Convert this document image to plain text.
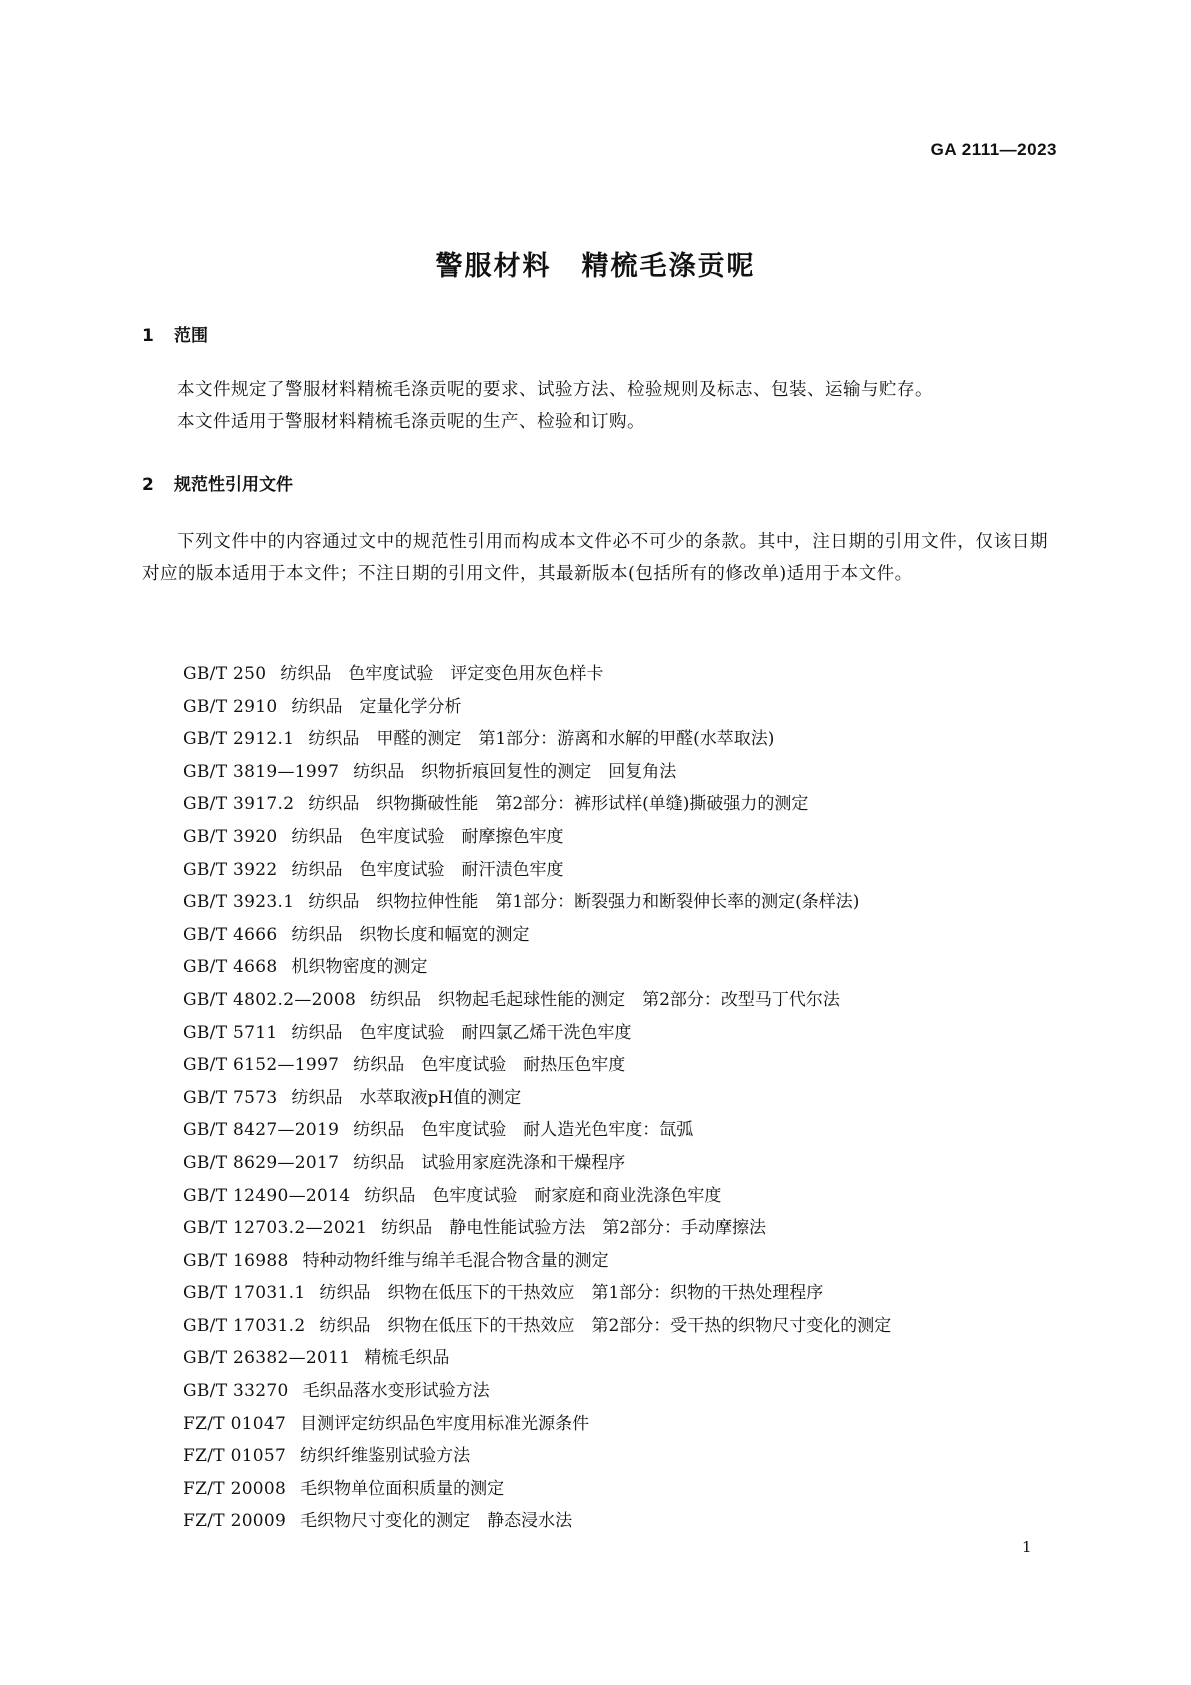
GA 2111—2023
警服材料 精梳毛涤贡呢
1 范围
本文件规定了警服材料精梳毛涤贡呢的要求、试验方法、检验规则及标志、包装、运输与贮存。
本文件适用于警服材料精梳毛涤贡呢的生产、检验和订购。
2 规范性引用文件
下列文件中的内容通过文中的规范性引用而构成本文件必不可少的条款。其中，注日期的引用文件，仅该日期对应的版本适用于本文件；不注日期的引用文件，其最新版本(包括所有的修改单)适用于本文件。
GB/T 250 纺织品　色牢度试验　评定变色用灰色样卡
GB/T 2910 纺织品　定量化学分析
GB/T 2912.1 纺织品　甲醛的测定　第1部分：游离和水解的甲醛(水萃取法)
GB/T 3819—1997 纺织品　织物折痕回复性的测定　回复角法
GB/T 3917.2 纺织品　织物撕破性能　第2部分：裤形试样(单缝)撕破强力的测定
GB/T 3920 纺织品　色牢度试验　耐摩擦色牢度
GB/T 3922 纺织品　色牢度试验　耐汗渍色牢度
GB/T 3923.1 纺织品　织物拉伸性能　第1部分：断裂强力和断裂伸长率的测定(条样法)
GB/T 4666 纺织品　织物长度和幅宽的测定
GB/T 4668 机织物密度的测定
GB/T 4802.2—2008 纺织品　织物起毛起球性能的测定　第2部分：改型马丁代尔法
GB/T 5711 纺织品　色牢度试验　耐四氯乙烯干洗色牢度
GB/T 6152—1997 纺织品　色牢度试验　耐热压色牢度
GB/T 7573 纺织品　水萃取液pH值的测定
GB/T 8427—2019 纺织品　色牢度试验　耐人造光色牢度：氙弧
GB/T 8629—2017 纺织品　试验用家庭洗涤和干燥程序
GB/T 12490—2014 纺织品　色牢度试验　耐家庭和商业洗涤色牢度
GB/T 12703.2—2021 纺织品　静电性能试验方法　第2部分：手动摩擦法
GB/T 16988 特种动物纤维与绵羊毛混合物含量的测定
GB/T 17031.1 纺织品　织物在低压下的干热效应　第1部分：织物的干热处理程序
GB/T 17031.2 纺织品　织物在低压下的干热效应　第2部分：受干热的织物尺寸变化的测定
GB/T 26382—2011 精梳毛织品
GB/T 33270 毛织品落水变形试验方法
FZ/T 01047 目测评定纺织品色牢度用标准光源条件
FZ/T 01057 纺织纤维鉴别试验方法
FZ/T 20008 毛织物单位面积质量的测定
FZ/T 20009 毛织物尺寸变化的测定　静态浸水法
1
